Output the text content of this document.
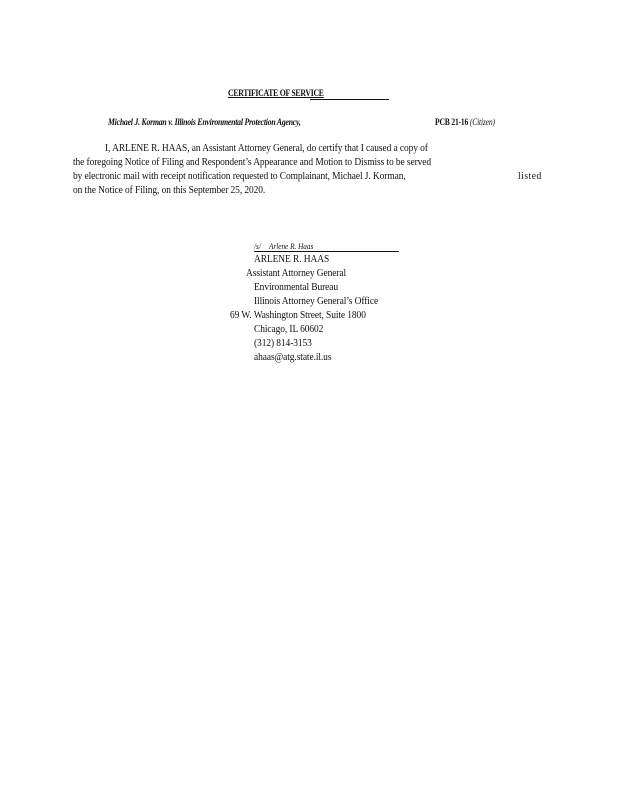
CERTIFICATE OF SERVICE
Michael J. Korman v. Illinois Environmental Protection Agency,	PCB 21-16 (Citizen)
I, ARLENE R. HAAS, an Assistant Attorney General, do certify that I caused a copy of
the foregoing Notice of Filing and Respondent’s Appearance and Motion to Dismiss to be served
by electronic mail with receipt notification requested to Complainant, Michael J. Korman,	listed
on the Notice of Filing, on this September 25, 2020.
/s/ Arlene R. Haas
ARLENE R. HAAS
Assistant Attorney General
Environmental Bureau
Illinois Attorney General’s Office
69 W. Washington Street, Suite 1800
Chicago, IL 60602
(312) 814-3153
ahaas@atg.state.il.us
